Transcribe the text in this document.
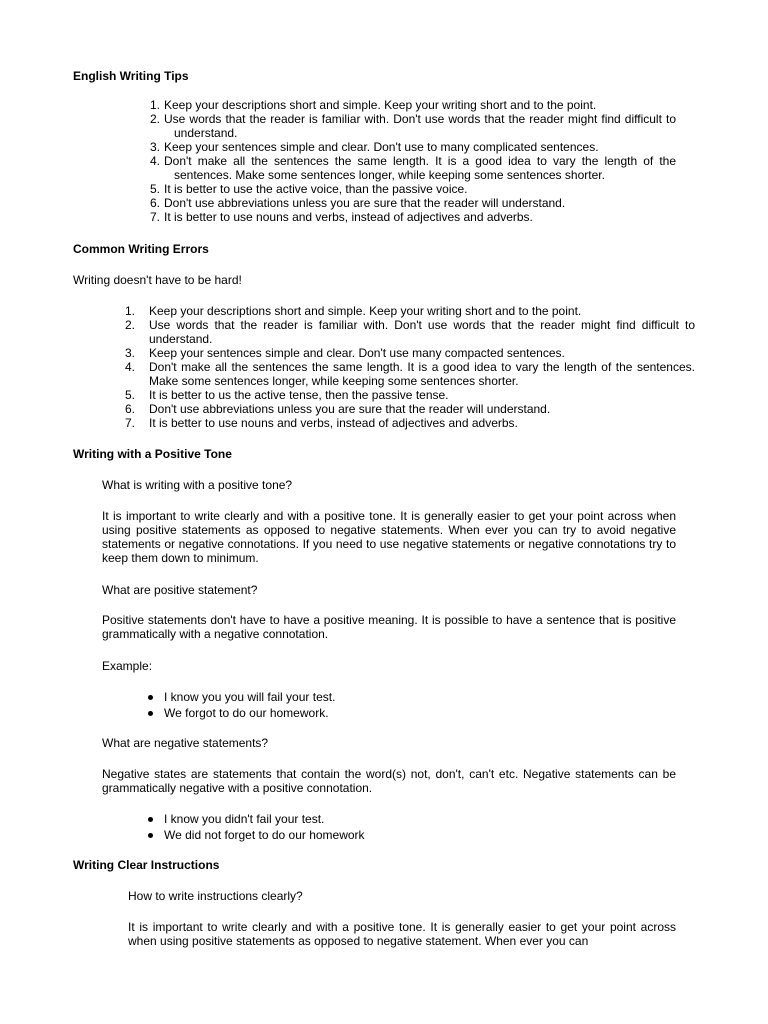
English Writing Tips
1. Keep your descriptions short and simple. Keep your writing short and to the point.
2. Use words that the reader is familiar with. Don't use words that the reader might find difficult to understand.
3. Keep your sentences simple and clear. Don't use to many complicated sentences.
4. Don't make all the sentences the same length. It is a good idea to vary the length of the sentences. Make some sentences longer, while keeping some sentences shorter.
5. It is better to use the active voice, than the passive voice.
6. Don't use abbreviations unless you are sure that the reader will understand.
7. It is better to use nouns and verbs, instead of adjectives and adverbs.
Common Writing Errors

Writing doesn't have to be hard!

1. Keep your descriptions short and simple. Keep your writing short and to the point.
2. Use words that the reader is familiar with. Don't use words that the reader might find difficult to understand.
3. Keep your sentences simple and clear. Don't use many compacted sentences.
4. Don't make all the sentences the same length. It is a good idea to vary the length of the sentences. Make some sentences longer, while keeping some sentences shorter.
5. It is better to us the active tense, then the passive tense.
6. Don't use abbreviations unless you are sure that the reader will understand.
7. It is better to use nouns and verbs, instead of adjectives and adverbs.
Writing with a Positive Tone

What is writing with a positive tone?

It is important to write clearly and with a positive tone. It is generally easier to get your point across when using positive statements as opposed to negative statements. When ever you can try to avoid negative statements or negative connotations. If you need to use negative statements or negative connotations try to keep them down to minimum.

What are positive statement?

Positive statements don't have to have a positive meaning. It is possible to have a sentence that is positive grammatically with a negative connotation.

Example:

I know you you will fail your test.
We forgot to do our homework.

What are negative statements?

Negative states are statements that contain the word(s) not, don't, can't etc. Negative statements can be grammatically negative with a positive connotation.

I know you didn't fail your test.
We did not forget to do our homework
Writing Clear Instructions

How to write instructions clearly?

It is important to write clearly and with a positive tone. It is generally easier to get your point across when using positive statements as opposed to negative statement. When ever you can
